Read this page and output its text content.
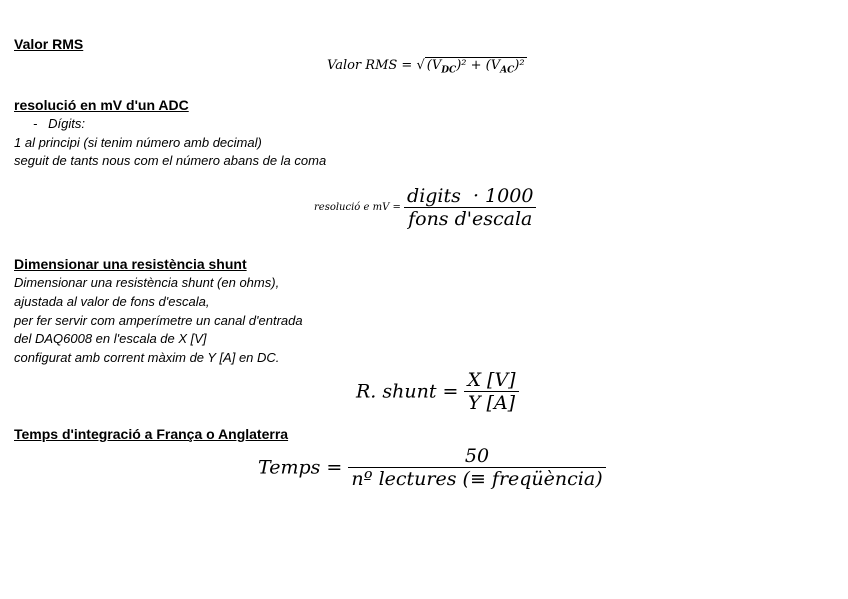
Valor RMS
Valor RMS = √ $(V_{DC})^2 + (V_{AC})^2$
resolució en mV d'un ADC
-   Dígits:
1 al principi (si tenim número amb decimal)
seguit de tants nous com el número abans de la coma
resolució e mV = $\frac{\text{digits  · 1000}}{\text{fons d'escala}}$
Dimensionar una resistència shunt
Dimensionar una resistència shunt (en ohms),
ajustada al valor de fons d'escala,
per fer servir com amperímetre un canal d'entrada
del DAQ6008 en l'escala de X [V]
configurat amb corrent màxim de Y [A] en DC.
R. shunt = $\frac{X [V]}{Y [A]}$
Temps d'integració a França o Anglaterra
Temps = $\frac{50}{\text{nº lectures (≡ freqüència)}}$
